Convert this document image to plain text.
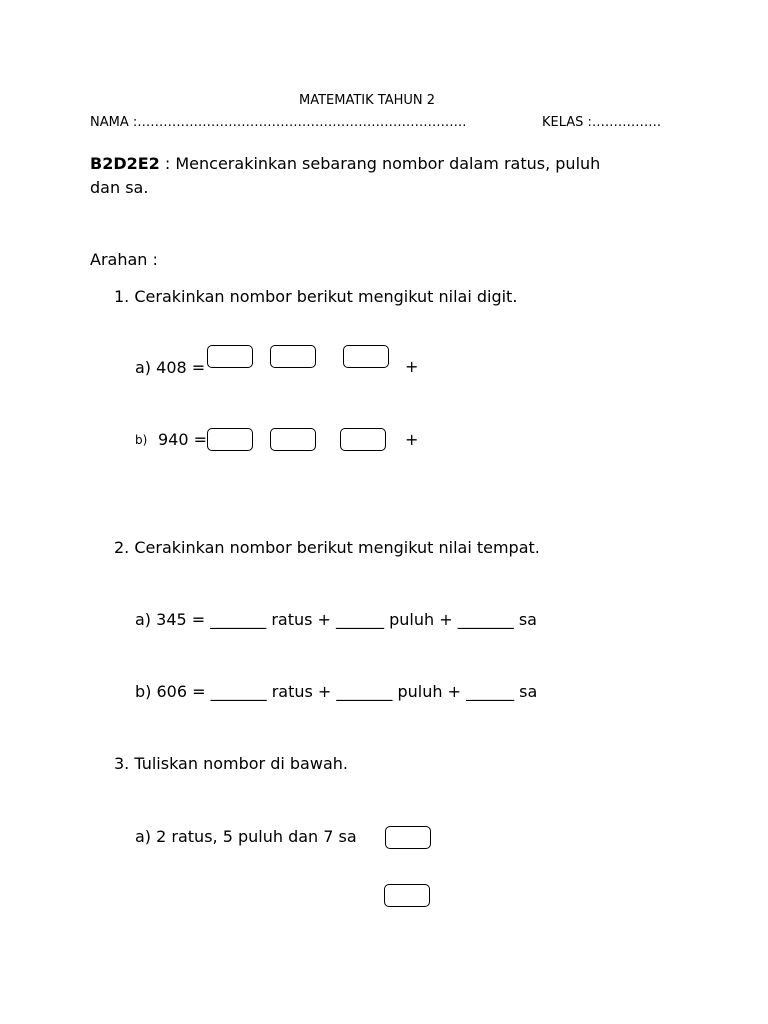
MATEMATIK TAHUN 2
NAMA :………………………………………………………………….	KELAS :…………….
B2D2E2 : Mencerakinkan sebarang nombor dalam ratus, puluh
dan sa.
Arahan :
1. Cerakinkan nombor berikut mengikut nilai digit.
a) 408 =	+
b) 940 =	+
2. Cerakinkan nombor berikut mengikut nilai tempat.
a) 345 = _______ ratus + ______ puluh + _______ sa
b) 606 = _______ ratus + _______ puluh + ______ sa
3. Tuliskan nombor di bawah.
a) 2 ratus, 5 puluh dan 7 sa
